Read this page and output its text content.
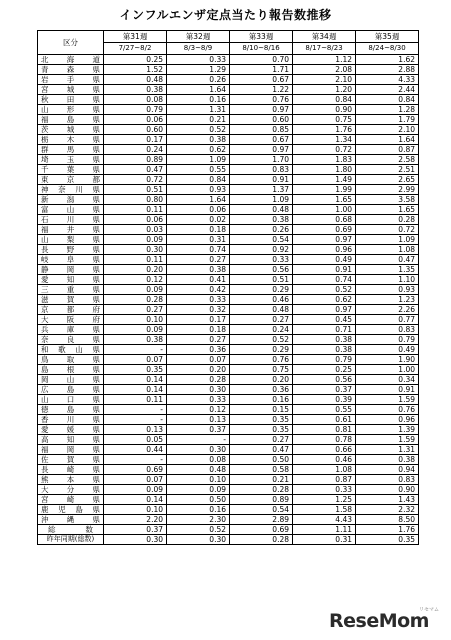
インフルエンザ定点当たり報告数推移
区分	第31週	第32週	第33週	第34週	第35週
	7/27~8/2	8/3~8/9	8/10~8/16	8/17~8/23	8/24~8/30
北海道	0.25	0.33	0.70	1.12	1.62
青森県	1.52	1.29	1.71	2.08	2.88
岩手県	0.48	0.26	0.67	2.10	4.33
宮城県	0.38	1.64	1.22	1.20	2.44
秋田県	0.08	0.16	0.76	0.84	0.84
山形県	0.79	1.31	0.97	0.90	1.28
福島県	0.06	0.21	0.60	0.75	1.79
茨城県	0.60	0.52	0.85	1.76	2.10
栃木県	0.17	0.38	0.67	1.34	1.64
群馬県	0.24	0.62	0.97	0.72	0.87
埼玉県	0.89	1.09	1.70	1.83	2.58
千葉県	0.47	0.55	0.83	1.80	2.51
東京都	0.72	0.84	0.91	1.49	2.65
神奈川県	0.51	0.93	1.37	1.99	2.99
新潟県	0.80	1.64	1.09	1.65	3.58
富山県	0.11	0.06	0.48	1.00	1.65
石川県	0.06	0.02	0.38	0.68	0.28
福井県	0.03	0.18	0.26	0.69	0.72
山梨県	0.09	0.31	0.54	0.97	1.09
長野県	0.30	0.74	0.92	0.96	1.08
岐阜県	0.11	0.27	0.33	0.49	0.47
静岡県	0.20	0.38	0.56	0.91	1.35
愛知県	0.12	0.41	0.51	0.74	1.10
三重県	0.09	0.42	0.29	0.52	0.93
滋賀県	0.28	0.33	0.46	0.62	1.23
京都府	0.27	0.32	0.48	0.97	2.26
大阪府	0.10	0.17	0.27	0.45	0.77
兵庫県	0.09	0.18	0.24	0.71	0.83
奈良県	0.38	0.27	0.52	0.38	0.79
和歌山県	-	0.36	0.29	0.38	0.49
鳥取県	0.07	0.07	0.76	0.79	1.90
島根県	0.35	0.20	0.75	0.25	1.00
岡山県	0.14	0.28	0.20	0.56	0.34
広島県	0.14	0.30	0.36	0.37	0.91
山口県	0.11	0.33	0.16	0.39	1.59
徳島県	-	0.12	0.15	0.55	0.76
香川県	-	0.13	0.35	0.61	0.96
愛媛県	0.13	0.37	0.35	0.81	1.39
高知県	0.05	-	0.27	0.78	1.59
福岡県	0.44	0.30	0.47	0.66	1.31
佐賀県	-	0.08	0.50	0.46	0.38
長崎県	0.69	0.48	0.58	1.08	0.94
熊本県	0.07	0.10	0.21	0.87	0.83
大分県	0.09	0.09	0.28	0.33	0.90
宮崎県	0.14	0.50	0.89	1.25	1.43
鹿児島県	0.10	0.16	0.54	1.58	2.32
沖縄県	2.20	2.30	2.89	4.43	8.50
総数	0.37	0.52	0.69	1.11	1.76
昨年同期(総数)	0.30	0.30	0.28	0.31	0.35
リセマム
ReseMom
